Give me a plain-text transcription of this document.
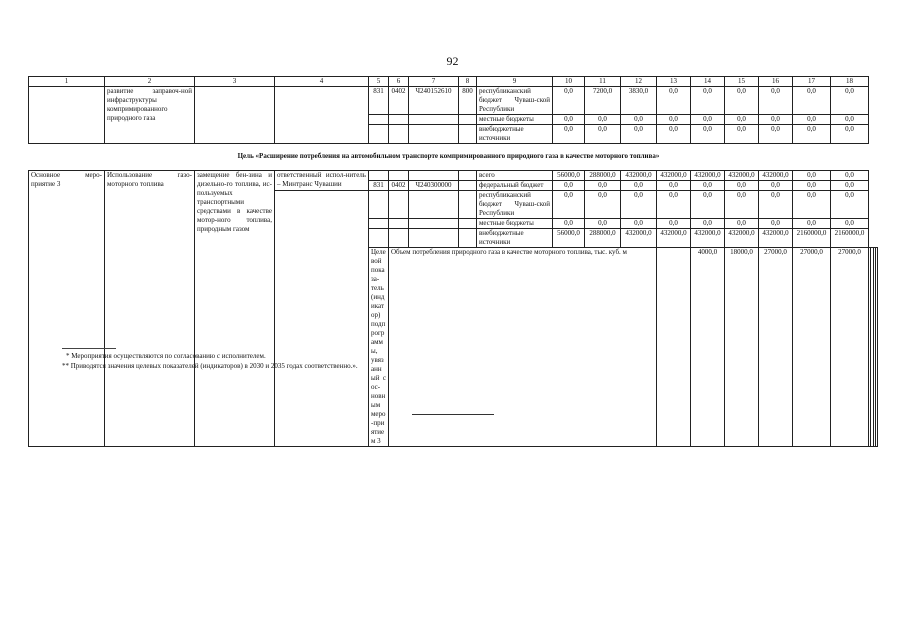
92
1	2	3	4	5	6	7	8	9	10	11	12	13	14	15	16	17	18				
	развитие заправоч-ной инфраструктуры компримированного природного газа			831	0402	Ч240152610	800	республиканский бюджет Чуваш-ской Республики	0,0	7200,0	3830,0	0,0	0,0	0,0	0,0	0,0	0,0				
								местные бюджеты	0,0	0,0	0,0	0,0	0,0	0,0	0,0	0,0	0,0				
								внебюджетные источники	0,0	0,0	0,0	0,0	0,0	0,0	0,0	0,0	0,0				
Цель «Расширение потребления на автомобильном транспорте компримированного природного газа в качестве моторного топлива»																					
Основное меро-приятие 3	Использование газо-моторного топлива	замещение бен-зина и дизельно-го топлива, ис-пользуемых транспортными средствами в качестве мотор-ного топлива, природным газом	ответственный испол-нитель – Минтранс Чувашии					всего	56000,0	288000,0	432000,0	432000,0	432000,0	432000,0	432000,0	0,0	0,0				
				831	0402	Ч240300000		федеральный бюджет	0,0	0,0	0,0	0,0	0,0	0,0	0,0	0,0	0,0				
								республиканский бюджет Чуваш-ской Республики	0,0	0,0	0,0	0,0	0,0	0,0	0,0	0,0	0,0				
								местные бюджеты	0,0	0,0	0,0	0,0	0,0	0,0	0,0	0,0	0,0				
								внебюджетные источники	56000,0	288000,0	432000,0	432000,0	432000,0	432000,0	432000,0	2160000,0	2160000,0				
				Целевой показа-тель (индикатор) подпрограммы, увязанный с ос-новным меро-приятием 3	Объем потребления природного газа в качестве моторного топлива, тыс. куб. м								4000,0	18000,0	27000,0	27000,0	27000,0				
* Мероприятия осуществляются по согласованию с исполнителем.
** Приводятся значения целевых показателей (индикаторов) в 2030 и 2035 годах соответственно.».
